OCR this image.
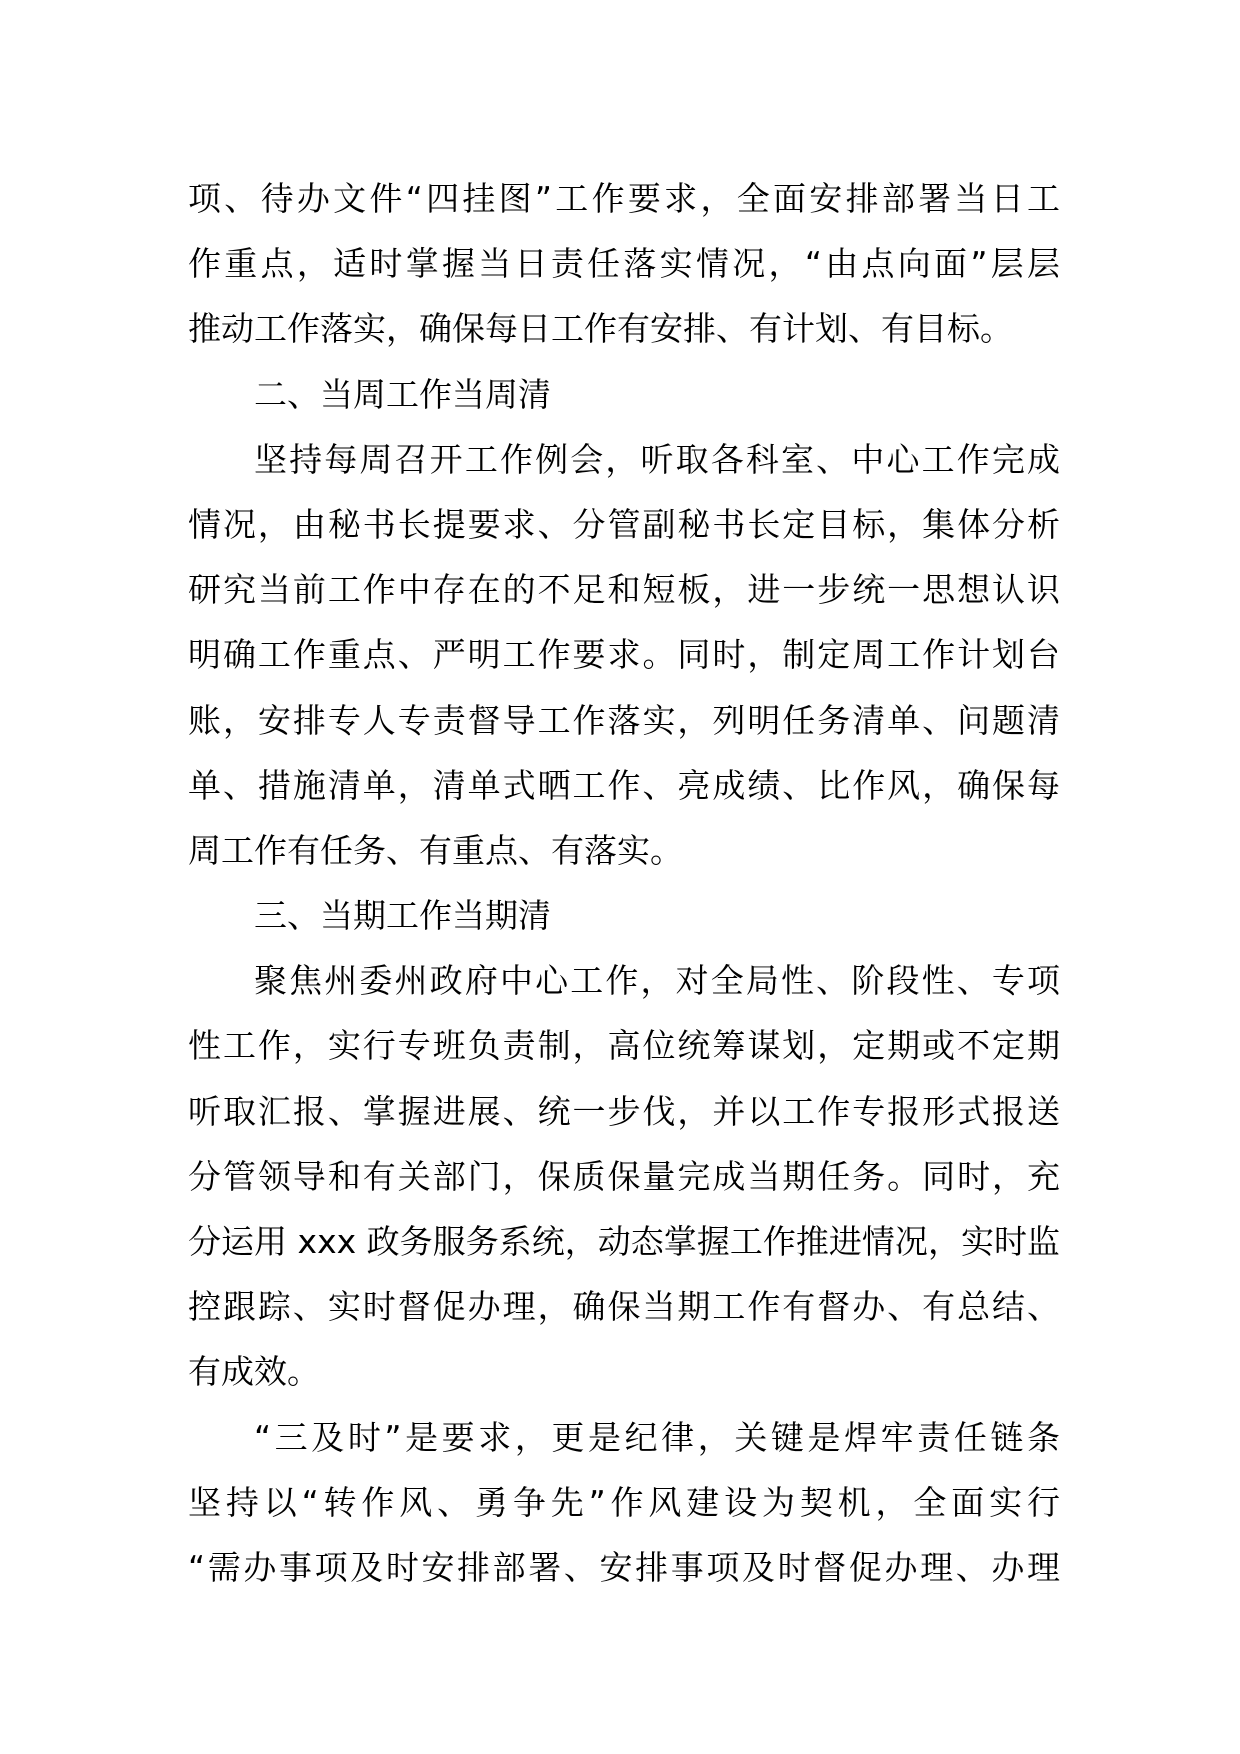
项、待办文件“四挂图”工作要求，全面安排部署当日工
作重点，适时掌握当日责任落实情况，“由点向面”层层
推动工作落实，确保每日工作有安排、有计划、有目标。
二、当周工作当周清
坚持每周召开工作例会，听取各科室、中心工作完成
情况，由秘书长提要求、分管副秘书长定目标，集体分析
研究当前工作中存在的不足和短板，进一步统一思想认识
明确工作重点、严明工作要求。同时，制定周工作计划台
账，安排专人专责督导工作落实，列明任务清单、问题清
单、措施清单，清单式晒工作、亮成绩、比作风，确保每
周工作有任务、有重点、有落实。
三、当期工作当期清
聚焦州委州政府中心工作，对全局性、阶段性、专项
性工作，实行专班负责制，高位统筹谋划，定期或不定期
听取汇报、掌握进展、统一步伐，并以工作专报形式报送
分管领导和有关部门，保质保量完成当期任务。同时，充
分运用 xxx 政务服务系统，动态掌握工作推进情况，实时监
控跟踪、实时督促办理，确保当期工作有督办、有总结、
有成效。
“三及时”是要求，更是纪律，关键是焊牢责任链条
坚持以“转作风、勇争先”作风建设为契机，全面实行
“需办事项及时安排部署、安排事项及时督促办理、办理
